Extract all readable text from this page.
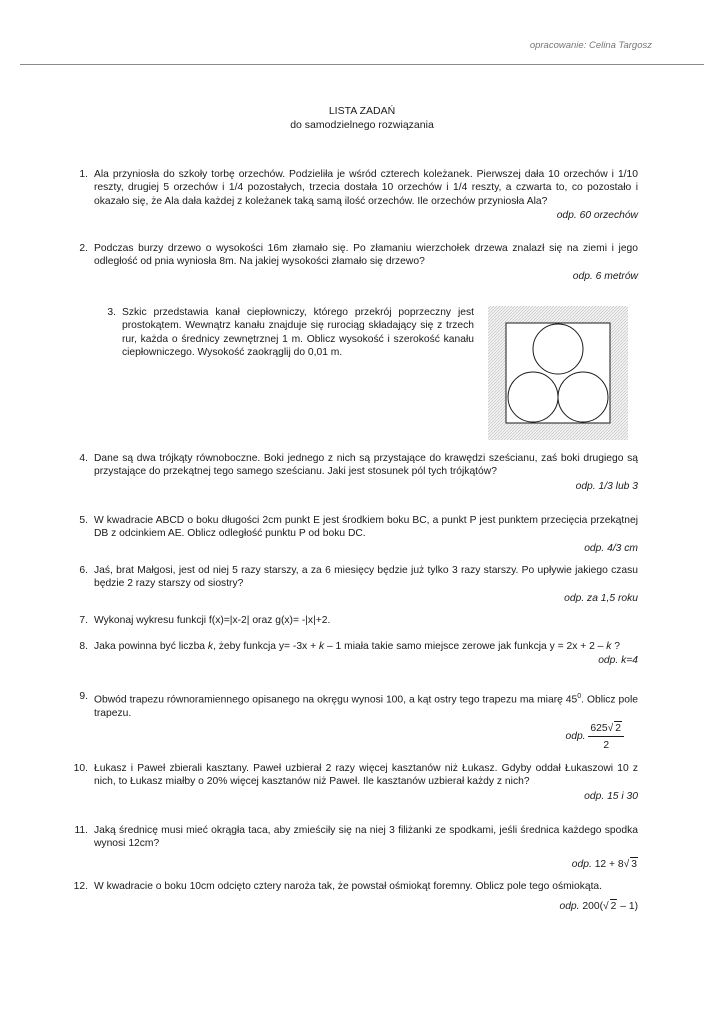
opracowanie: Celina Targosz
LISTA ZADAŃ
do samodzielnego rozwiązania
1. Ala przyniosła do szkoły torbę orzechów. Podzieliła je wśród czterech koleżanek. Pierwszej dała 10 orzechów i 1/10 reszty, drugiej 5 orzechów i 1/4 pozostałych, trzecia dostała 10 orzechów i 1/4 reszty, a czwarta to, co pozostało i okazało się, że Ala dała każdej z koleżanek taką samą ilość orzechów. Ile orzechów przyniosła Ala?
odp. 60 orzechów
2. Podczas burzy drzewo o wysokości 16m złamało się. Po złamaniu wierzchołek drzewa znalazł się na ziemi i jego odległość od pnia wyniosła 8m. Na jakiej wysokości złamało się drzewo?
odp. 6 metrów
3. Szkic przedstawia kanał ciepłowniczy, którego przekrój poprzeczny jest prostokątem. Wewnątrz kanału znajduje się rurociąg składający się z trzech rur, każda o średnicy zewnętrznej 1 m. Oblicz wysokość i szerokość kanału ciepłowniczego. Wysokość zaokrąglij do 0,01 m.
4. Dane są dwa trójkąty równoboczne. Boki jednego z nich są przystające do krawędzi sześcianu, zaś boki drugiego są przystające do przekątnej tego samego sześcianu. Jaki jest stosunek pól tych trójkątów?
odp. 1/3 lub 3
5. W kwadracie ABCD o boku długości 2cm punkt E jest środkiem boku BC, a punkt P jest punktem przecięcia przekątnej DB z odcinkiem AE. Oblicz odległość punktu P od boku DC.
odp. 4/3 cm
6. Jaś, brat Małgosi, jest od niej 5 razy starszy, a za 6 miesięcy będzie już tylko 3 razy starszy. Po upływie jakiego czasu będzie 2 razy starszy od siostry?
odp. za 1,5 roku
7. Wykonaj wykresu funkcji f(x)=|x-2| oraz g(x)= -|x|+2.
8. Jaka powinna być liczba k, żeby funkcja y= -3x + k – 1 miała takie samo miejsce zerowe jak funkcja y = 2x + 2 – k ?
odp. k=4
9. Obwód trapezu równoramiennego opisanego na okręgu wynosi 100, a kąt ostry tego trapezu ma miarę $45^0$. Oblicz pole trapezu.
odp. $\frac{625√ 2}{2}$
10. Łukasz i Paweł zbierali kasztany. Paweł uzbierał 2 razy więcej kasztanów niż Łukasz. Gdyby oddał Łukaszowi 10 z nich, to Łukasz miałby o 20% więcej kasztanów niż Paweł. Ile kasztanów uzbierał każdy z nich?
odp. 15 i 30
11. Jaką średnicę musi mieć okrągła taca, aby zmieściły się na niej 3 filiżanki ze spodkami, jeśli średnica każdego spodka wynosi 12cm?
odp. 12 + 8√ 3
12. W kwadracie o boku 10cm odcięto cztery naroża tak, że powstał ośmiokąt foremny. Oblicz pole tego ośmiokąta.
odp. 200(√ 2 – 1)
